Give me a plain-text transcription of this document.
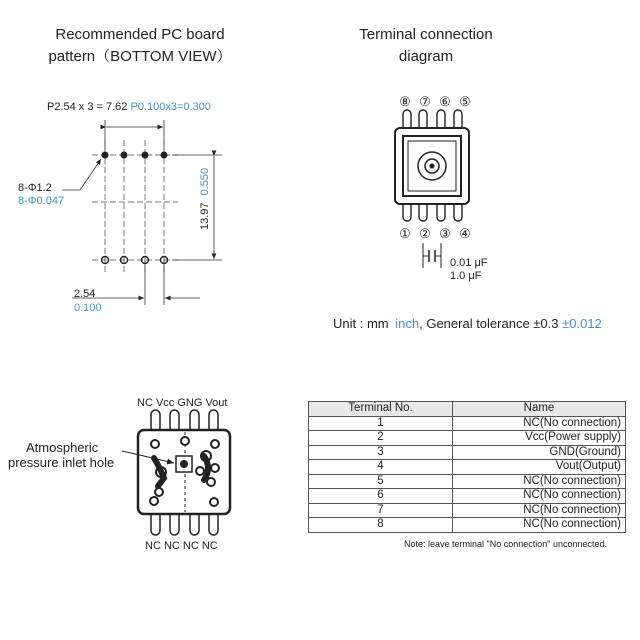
Recommended PC board
pattern（BOTTOM VIEW）
P2.54 x 3 = 7.62 P0.100x3=0.300
8-Φ1.2
8-Φ0.047
13.97 0.550
2.54
0.100
Terminal connection
diagram
⑧ ⑦ ⑥ ⑤
① ② ③ ④
0.01 μF
1.0 μF
Unit : mm inch, General tolerance ±0.3 ±0.012
NC Vcc GNG Vout
Atmospheric
pressure inlet hole
NC NC NC NC
Terminal No.	Name
1	NC(No connection)
2	Vcc(Power supply)
3	GND(Ground)
4	Vout(Output)
5	NC(No connection)
6	NC(No connection)
7	NC(No connection)
8	NC(No connection)
Note: leave terminal "No connection" unconnected.
